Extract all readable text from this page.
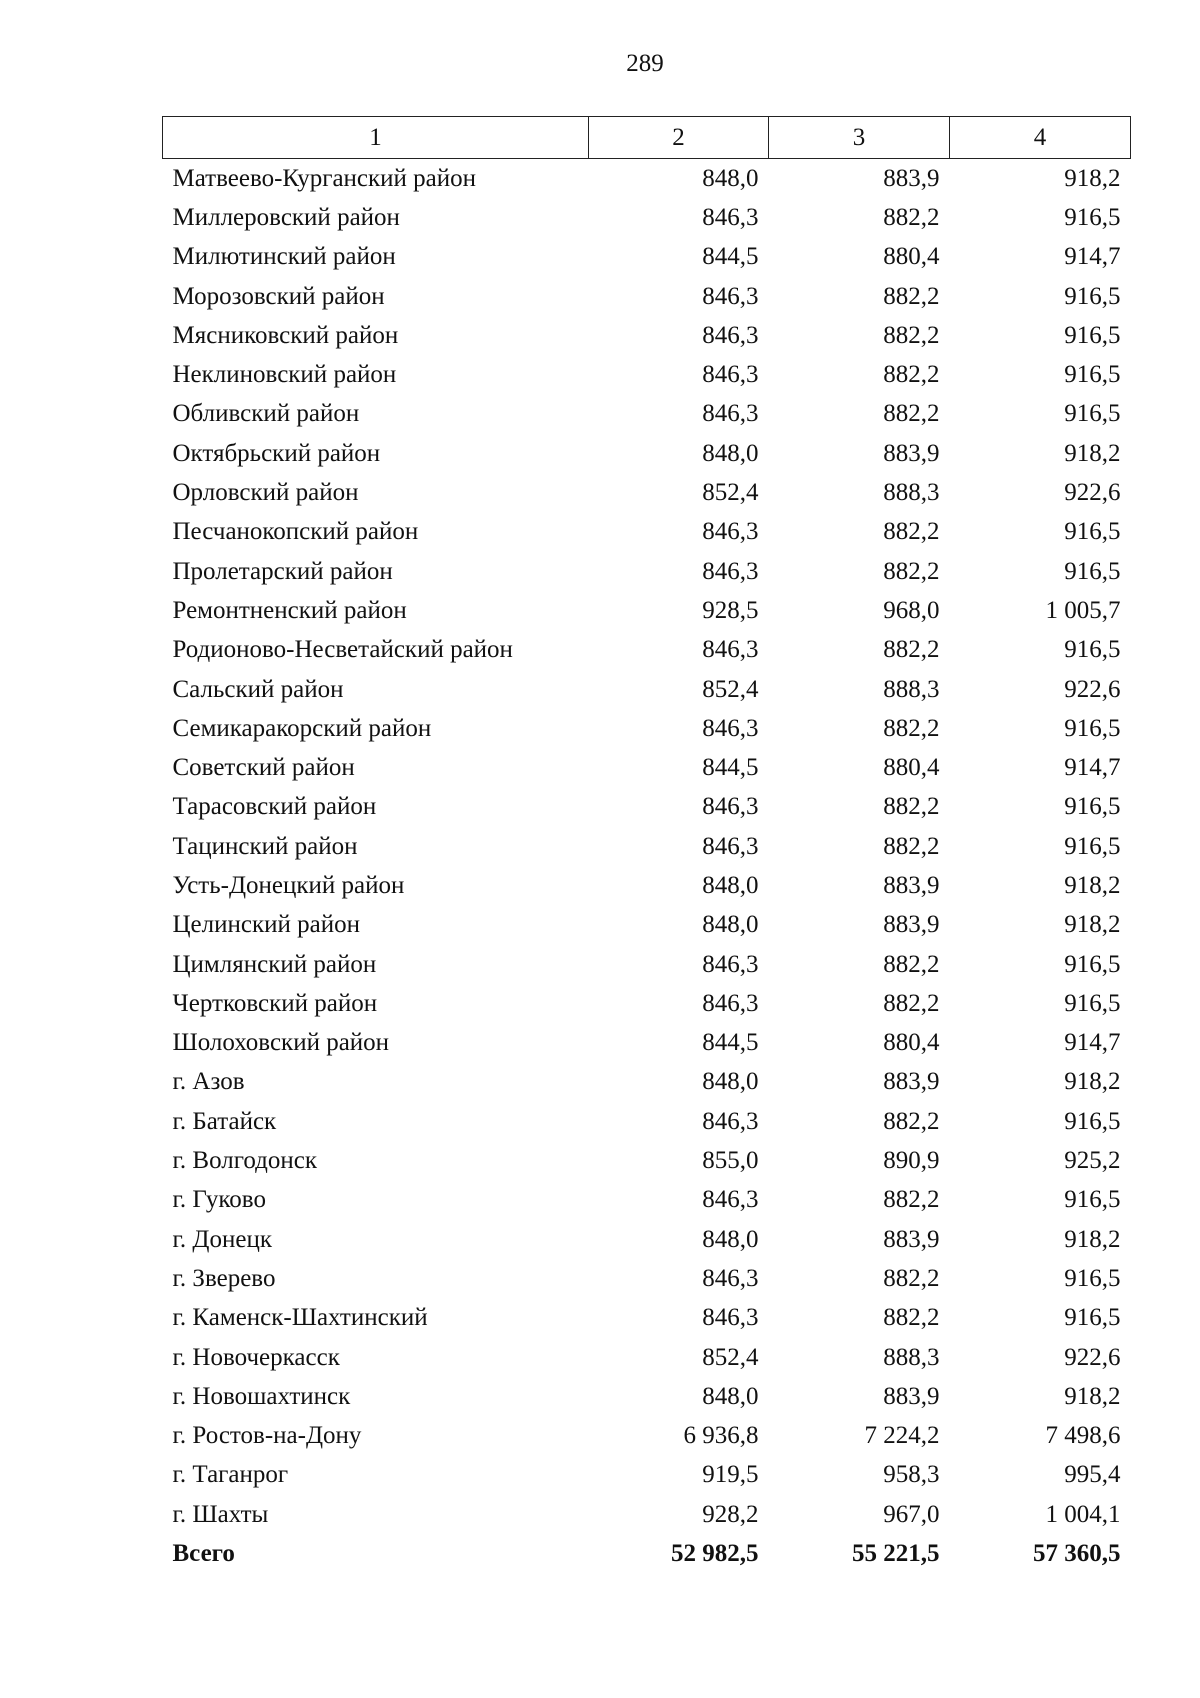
289
1	2	3	4
Матвеево-Курганский район	848,0	883,9	918,2
Миллеровский район	846,3	882,2	916,5
Милютинский район	844,5	880,4	914,7
Морозовский район	846,3	882,2	916,5
Мясниковский район	846,3	882,2	916,5
Неклиновский район	846,3	882,2	916,5
Обливский район	846,3	882,2	916,5
Октябрьский район	848,0	883,9	918,2
Орловский район	852,4	888,3	922,6
Песчанокопский район	846,3	882,2	916,5
Пролетарский район	846,3	882,2	916,5
Ремонтненский район	928,5	968,0	1 005,7
Родионово-Несветайский район	846,3	882,2	916,5
Сальский район	852,4	888,3	922,6
Семикаракорский район	846,3	882,2	916,5
Советский район	844,5	880,4	914,7
Тарасовский район	846,3	882,2	916,5
Тацинский район	846,3	882,2	916,5
Усть-Донецкий район	848,0	883,9	918,2
Целинский район	848,0	883,9	918,2
Цимлянский район	846,3	882,2	916,5
Чертковский район	846,3	882,2	916,5
Шолоховский район	844,5	880,4	914,7
г. Азов	848,0	883,9	918,2
г. Батайск	846,3	882,2	916,5
г. Волгодонск	855,0	890,9	925,2
г. Гуково	846,3	882,2	916,5
г. Донецк	848,0	883,9	918,2
г. Зверево	846,3	882,2	916,5
г. Каменск-Шахтинский	846,3	882,2	916,5
г. Новочеркасск	852,4	888,3	922,6
г. Новошахтинск	848,0	883,9	918,2
г. Ростов-на-Дону	6 936,8	7 224,2	7 498,6
г. Таганрог	919,5	958,3	995,4
г. Шахты	928,2	967,0	1 004,1
Всего	52 982,5	55 221,5	57 360,5
